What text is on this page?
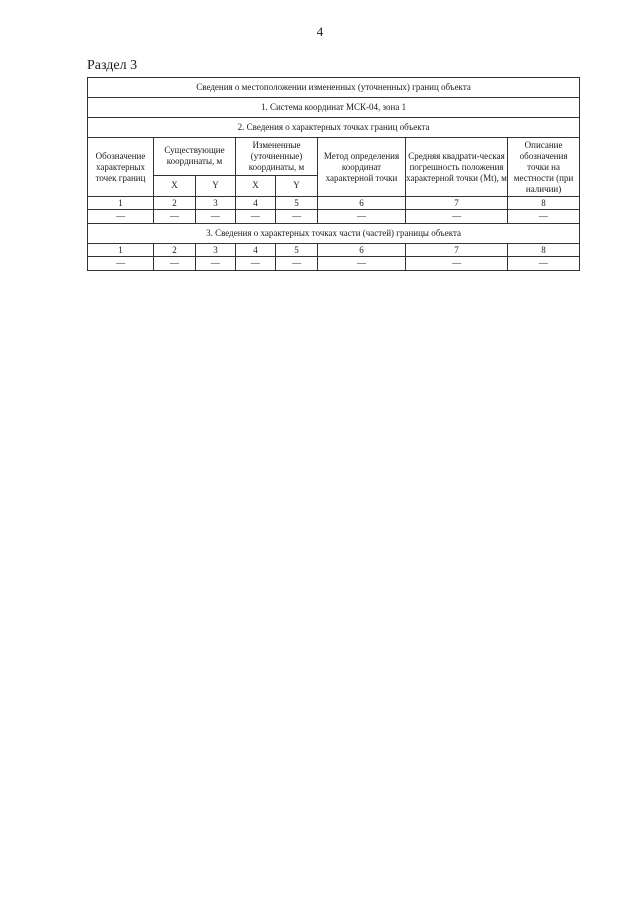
4
Раздел 3
Сведения о местоположении измененных (уточненных) границ объекта							
1. Система координат МСК-04, зона 1							
2. Сведения о характерных точках границ объекта							
Обозначение характерных точек границ	Существующие координаты, м		Измененные (уточненные) координаты, м		Метод определения координат характерной точки	Средняя квадрати-ческая погрешность положения характерной точки (Mt), м	Описание обозначения точки на местности (при наличии)
	X	Y	X	Y			
1	2	3	4	5	6	7	8
—	—	—	—	—	—	—	—
3. Сведения о характерных точках части (частей) границы объекта							
1	2	3	4	5	6	7	8
—	—	—	—	—	—	—	—
